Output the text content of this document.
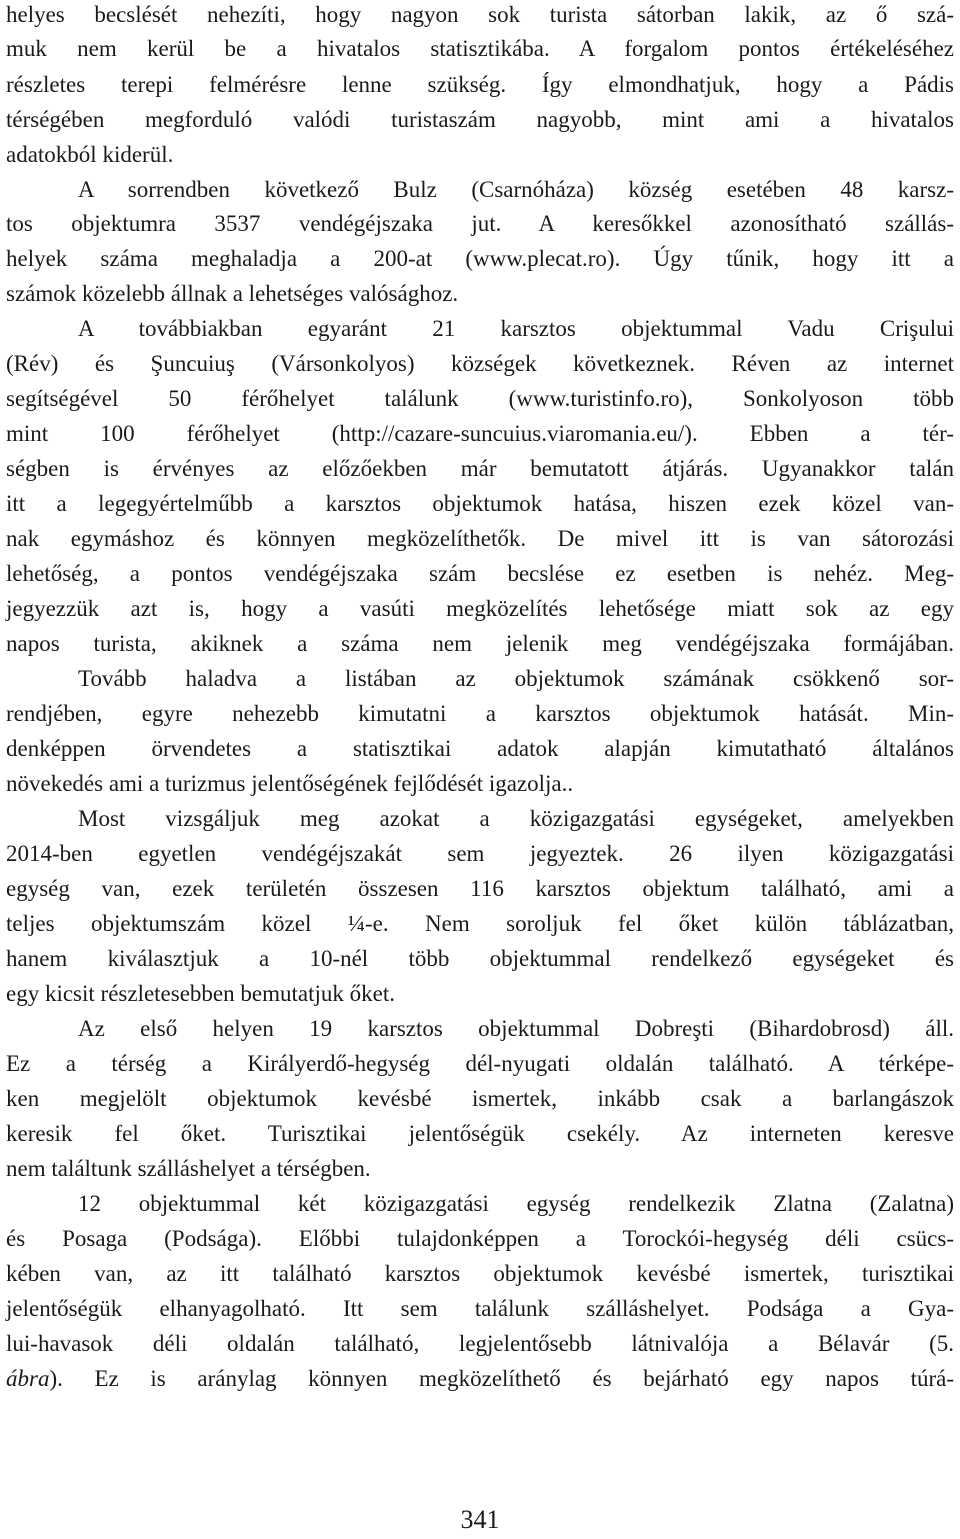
helyes becslését nehezíti, hogy nagyon sok turista sátorban lakik, az ő szá-
muk nem kerül be a hivatalos statisztikába. A forgalom pontos értékeléséhez
részletes terepi felmérésre lenne szükség. Így elmondhatjuk, hogy a Pádis
térségében megforduló valódi turistaszám nagyobb, mint ami a hivatalos
adatokból kiderül.
A sorrendben következő Bulz (Csarnóháza) község esetében 48 karsz-
tos objektumra 3537 vendégéjszaka jut. A keresőkkel azonosítható szállás-
helyek száma meghaladja a 200-at (www.plecat.ro). Úgy tűnik, hogy itt a
számok közelebb állnak a lehetséges valósághoz.
A továbbiakban egyaránt 21 karsztos objektummal Vadu Crişului
(Rév) és Şuncuiuş (Vársonkolyos) községek következnek. Réven az internet
segítségével 50 férőhelyet találunk (www.turistinfo.ro), Sonkolyoson több
mint 100 férőhelyet (http://cazare-suncuius.viaromania.eu/). Ebben a tér-
ségben is érvényes az előzőekben már bemutatott átjárás. Ugyanakkor talán
itt a legegyértelműbb a karsztos objektumok hatása, hiszen ezek közel van-
nak egymáshoz és könnyen megközelíthetők. De mivel itt is van sátorozási
lehetőség, a pontos vendégéjszaka szám becslése ez esetben is nehéz. Meg-
jegyezzük azt is, hogy a vasúti megközelítés lehetősége miatt sok az egy
napos turista, akiknek a száma nem jelenik meg vendégéjszaka formájában.
Tovább haladva a listában az objektumok számának csökkenő sor-
rendjében, egyre nehezebb kimutatni a karsztos objektumok hatását. Min-
denképpen örvendetes a statisztikai adatok alapján kimutatható általános
növekedés ami a turizmus jelentőségének fejlődését igazolja..
Most vizsgáljuk meg azokat a közigazgatási egységeket, amelyekben
2014-ben egyetlen vendégéjszakát sem jegyeztek. 26 ilyen közigazgatási
egység van, ezek területén összesen 116 karsztos objektum található, ami a
teljes objektumszám közel ¼-e. Nem soroljuk fel őket külön táblázatban,
hanem kiválasztjuk a 10-nél több objektummal rendelkező egységeket és
egy kicsit részletesebben bemutatjuk őket.
Az első helyen 19 karsztos objektummal Dobreşti (Bihardobrosd) áll.
Ez a térség a Királyerdő-hegység dél-nyugati oldalán található. A térképe-
ken megjelölt objektumok kevésbé ismertek, inkább csak a barlangászok
keresik fel őket. Turisztikai jelentőségük csekély. Az interneten keresve
nem találtunk szálláshelyet a térségben.
12 objektummal két közigazgatási egység rendelkezik Zlatna (Zalatna)
és Posaga (Podsága). Előbbi tulajdonképpen a Torockói-hegység déli csücs-
kében van, az itt található karsztos objektumok kevésbé ismertek, turisztikai
jelentőségük elhanyagolható. Itt sem találunk szálláshelyet. Podsága a Gya-
lui-havasok déli oldalán található, legjelentősebb látnivalója a Bélavár (5.
ábra). Ez is aránylag könnyen megközelíthető és bejárható egy napos túrá-
341
